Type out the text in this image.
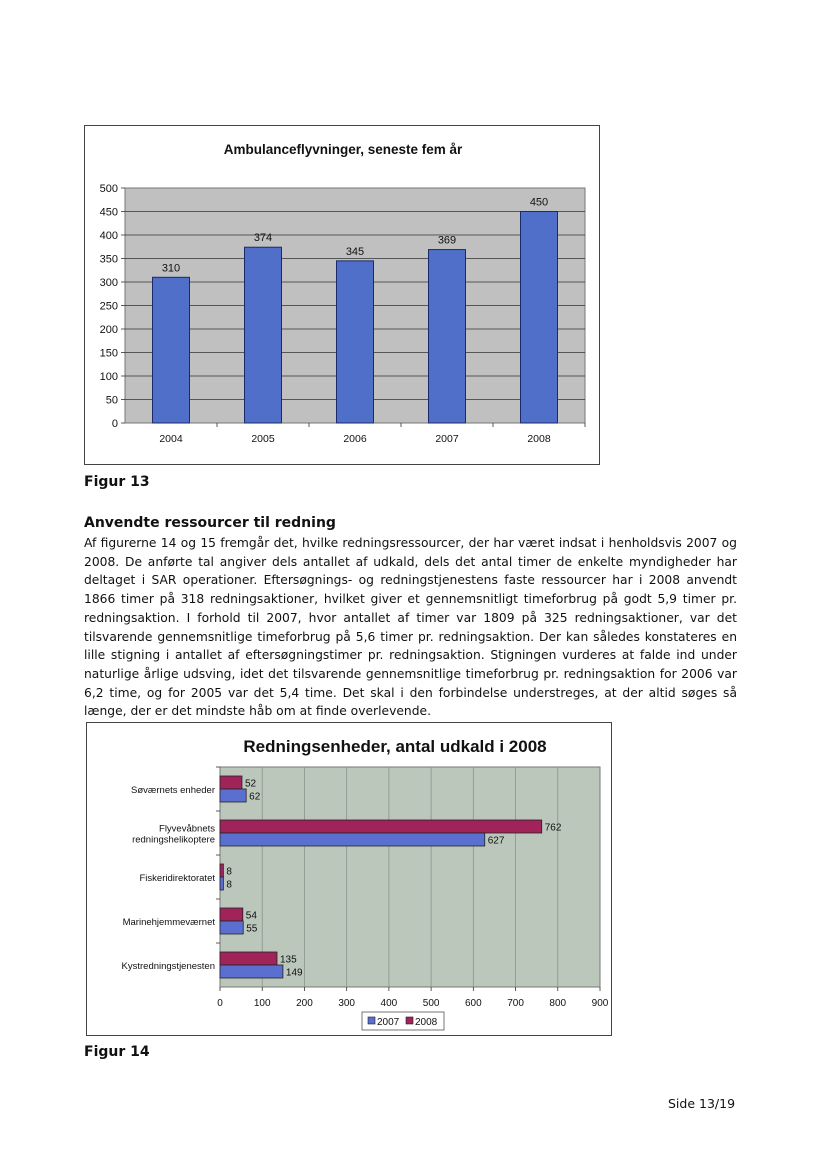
Ambulanceflyvninger, seneste fem år
0
50
100
150
200
250
300
350
400
450
500
310
374
345
369
450
2004	2005	2006	2007	2008
Figur 13
Anvendte ressourcer til redning

Af figurerne 14 og 15 fremgår det, hvilke redningsressourcer, der har været indsat i henholdsvis 2007 og 2008. De anførte tal angiver dels antallet af udkald, dels det antal timer de enkelte myndigheder har deltaget i SAR operationer. Eftersøgnings- og redningstjenestens faste ressourcer har i 2008 anvendt 1866 timer på 318 redningsaktioner, hvilket giver et gennemsnitligt timeforbrug på godt 5,9 timer pr. redningsaktion. I forhold til 2007, hvor antallet af timer var 1809 på 325 redningsaktioner, var det tilsvarende gennemsnitlige timeforbrug på 5,6 timer pr. redningsaktion. Der kan således konstateres en lille stigning i antallet af eftersøgningstimer pr. redningsaktion. Stigningen vurderes at falde ind under naturlige årlige udsving, idet det tilsvarende gennemsnitlige timeforbrug pr. redningsaktion for 2006 var 6,2 time, og for 2005 var det 5,4 time. Det skal i den forbindelse understreges, at der altid søges så længe, der er det mindste håb om at finde overlevende.

Redningsenheder, antal udkald i 2008
52
62
762
627
8
8
54
55
135
149
Søværnets enheder
Flyvevåbnets
redningshelikoptere
Fiskeridirektoratet
Marinehjemmeværnet
Kystredningstjenesten
0	100	200	300	400	500	600	700	800	900
2007 2008
Figur 14
Side 13/19
